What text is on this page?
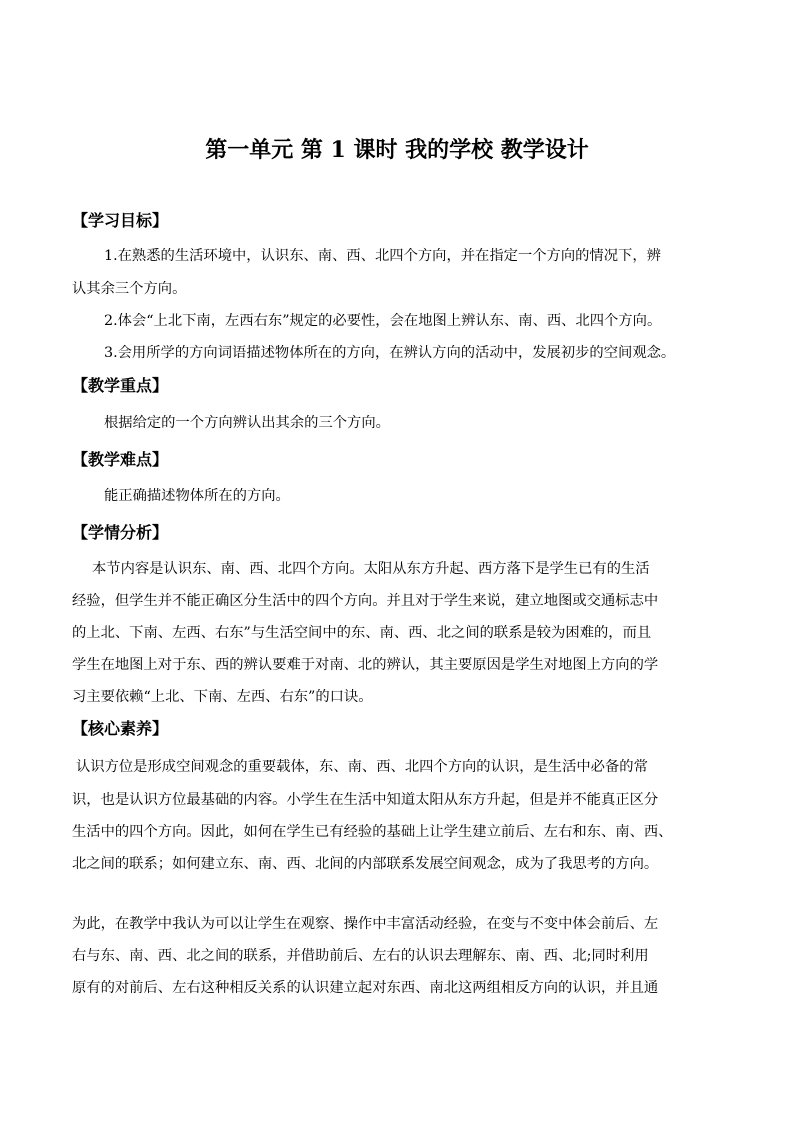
第一单元 第 1 课时 我的学校 教学设计
【学习目标】
1.在熟悉的生活环境中，认识东、南、西、北四个方向，并在指定一个方向的情况下，辨
认其余三个方向。
2.体会“上北下南，左西右东”规定的必要性，会在地图上辨认东、南、西、北四个方向。
3.会用所学的方向词语描述物体所在的方向，在辨认方向的活动中，发展初步的空间观念。
【教学重点】
根据给定的一个方向辨认出其余的三个方向。
【教学难点】
能正确描述物体所在的方向。
【学情分析】
本节内容是认识东、南、西、北四个方向。太阳从东方升起、西方落下是学生已有的生活
经验，但学生并不能正确区分生活中的四个方向。并且对于学生来说，建立地图或交通标志中
的上北、下南、左西、右东”与生活空间中的东、南、西、北之间的联系是较为困难的，而且
学生在地图上对于东、西的辨认要难于对南、北的辨认，其主要原因是学生对地图上方向的学
习主要依赖“上北、下南、左西、右东”的口诀。
【核心素养】
认识方位是形成空间观念的重要载体，东、南、西、北四个方向的认识，是生活中必备的常
识，也是认识方位最基础的内容。小学生在生活中知道太阳从东方升起，但是并不能真正区分
生活中的四个方向。因此，如何在学生已有经验的基础上让学生建立前后、左右和东、南、西、
北之间的联系；如何建立东、南、西、北间的内部联系发展空间观念，成为了我思考的方向。
为此，在教学中我认为可以让学生在观察、操作中丰富活动经验，在变与不变中体会前后、左
右与东、南、西、北之间的联系，并借助前后、左右的认识去理解东、南、西、北;同时利用
原有的对前后、左右这种相反关系的认识建立起对东西、南北这两组相反方向的认识，并且通
